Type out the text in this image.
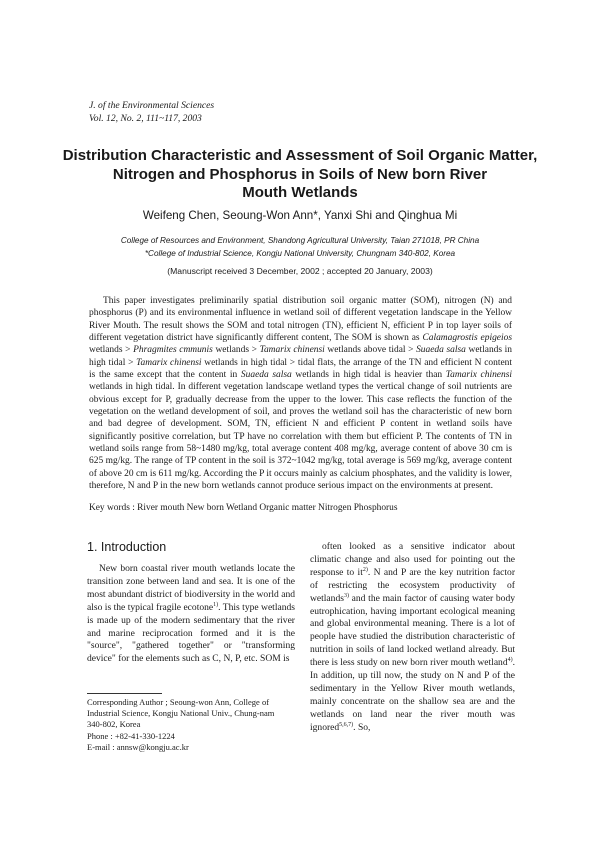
J. of the Environmental Sciences
Vol. 12, No. 2, 111~117, 2003
Distribution Characteristic and Assessment of Soil Organic Matter,
Nitrogen and Phosphorus in Soils of New born River
Mouth Wetlands
Weifeng Chen, Seoung-Won Ann*, Yanxi Shi and Qinghua Mi
College of Resources and Environment, Shandong Agricultural University, Taian 271018, PR China
*College of Industrial Science, Kongju National University, Chungnam 340-802, Korea
(Manuscript received 3 December, 2002 ; accepted 20 January, 2003)
This paper investigates preliminarily spatial distribution soil organic matter (SOM), nitrogen (N) and phosphorus (P) and its environmental influence in wetland soil of different vegetation landscape in the Yellow River Mouth. The result shows the SOM and total nitrogen (TN), efficient N, efficient P in top layer soils of different vegetation district have significantly different content, The SOM is shown as Calamagrostis epigeios wetlands > Phragmites cmmunis wetlands > Tamarix chinensi wetlands above tidal > Suaeda salsa wetlands in high tidal > Tamarix chinensi wetlands in high tidal > tidal flats, the arrange of the TN and efficient N content is the same except that the content in Suaeda salsa wetlands in high tidal is heavier than Tamarix chinensi wetlands in high tidal. In different vegetation landscape wetland types the vertical change of soil nutrients are obvious except for P, gradually decrease from the upper to the lower. This case reflects the function of the vegetation on the wetland development of soil, and proves the wetland soil has the characteristic of new born and bad degree of development. SOM, TN, efficient N and efficient P content in wetland soils have significantly positive correlation, but TP have no correlation with them but efficient P. The contents of TN in wetland soils range from 58~1480 mg/kg, total average content 408 mg/kg, average content of above 30 cm is 625 mg/kg. The range of TP content in the soil is 372~1042 mg/kg, total average is 569 mg/kg, average content of above 20 cm is 611 mg/kg. According the P it occurs mainly as calcium phosphates, and the validity is lower, therefore, N and P in the new born wetlands cannot produce serious impact on the environments at present.
Key words : River mouth New born Wetland Organic matter Nitrogen Phosphorus
1. Introduction
New born coastal river mouth wetlands locate the transition zone between land and sea. It is one of the most abundant district of biodiversity in the world and also is the typical fragile ecotone$^{1)}$. This type wetlands is made up of the modern sedimentary that the river and marine reciprocation formed and it is the "source", "gathered together" or "transforming device" for the elements such as C, N, P, etc. SOM is
often looked as a sensitive indicator about climatic change and also used for pointing out the response to $it^{2)}$. N and P are the key nutrition factor of restricting the ecosystem productivity of wetlands$^{3)}$ and the main factor of causing water body eutrophication, having important ecological meaning and global environmental meaning. There is a lot of people have studied the distribution characteristic of nutrition in soils of land locked wetland already. But there is less study on new born river mouth wetland$^{4)}$. In addition, up till now, the study on N and P of the sedimentary in the Yellow River mouth wetlands, mainly concentrate on the shallow sea are and the wetlands on land near the river mouth was ignored$^{5,6,7)}$. So,
Corresponding Author ; Seoung-won Ann, College of
Industrial Science, Kongju National Univ., Chung-nam
340-802, Korea
Phone : +82-41-330-1224
E-mail : annsw@kongju.ac.kr
